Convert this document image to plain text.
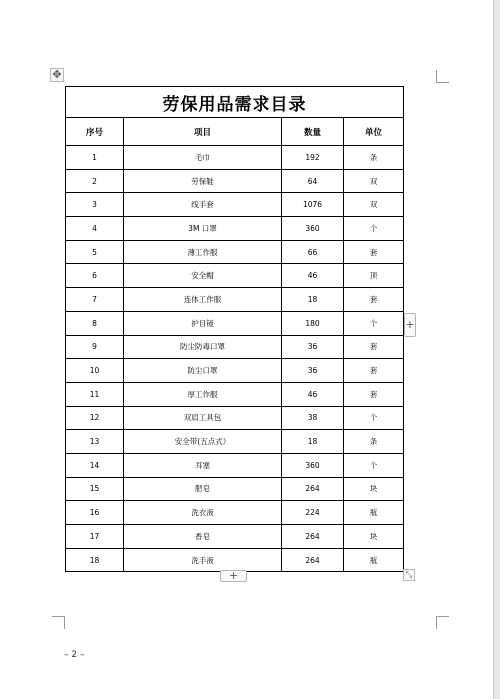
✥
劳保用品需求目录			
序号	项目	数量	单位
1	毛巾	192	条
2	劳保鞋	64	双
3	线手套	1076	双
4	3M 口罩	360	个
5	薄工作服	66	套
6	安全帽	46	顶
7	连体工作服	18	套
8	护目镜	180	个
9	防尘防毒口罩	36	套
10	防尘口罩	36	套
11	厚工作服	46	套
12	双肩工具包	38	个
13	安全带(五点式）	18	条
14	耳塞	360	个
15	肥皂	264	块
16	洗衣液	224	瓶
17	香皂	264	块
18	洗手液	264	瓶
+
+	⤡
– 2 –
